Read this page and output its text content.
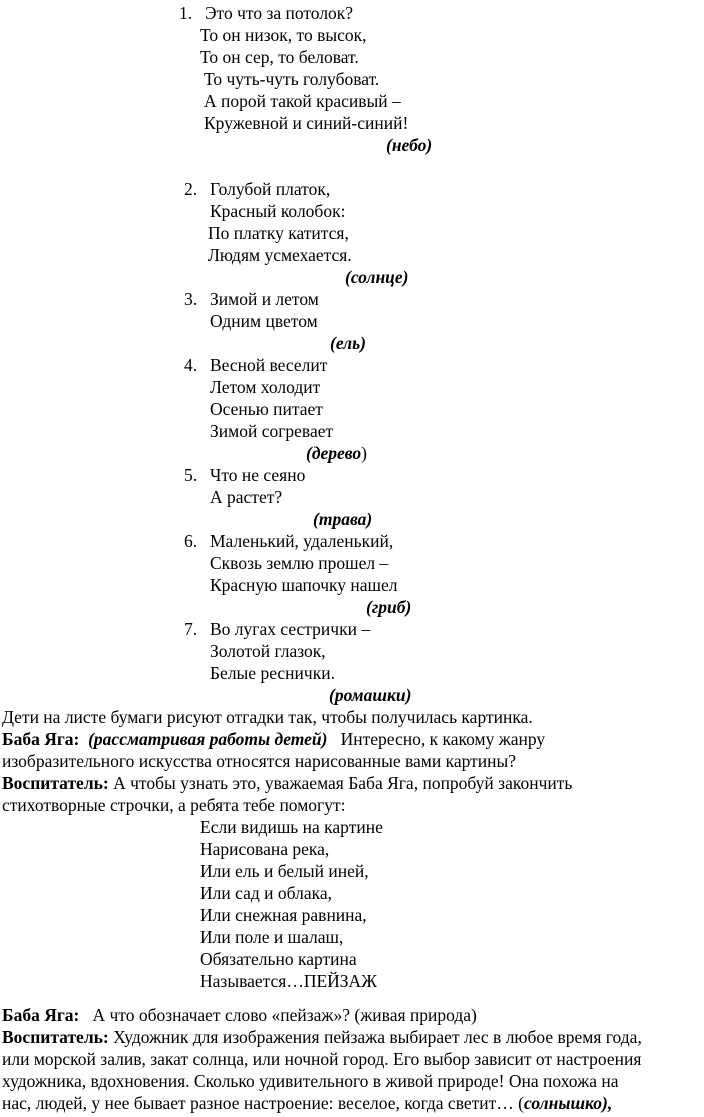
1. Это что за потолок?
То он низок, то высок,
То он сер, то беловат.
То чуть-чуть голубоват.
А порой такой красивый –
Кружевной и синий-синий!
(небо)
2. Голубой платок,
Красный колобок:
По платку катится,
Людям усмехается.
(солнце)
3. Зимой и летом
Одним цветом
(ель)
4. Весной веселит
Летом холодит
Осенью питает
Зимой согревает
(дерево)
5. Что не сеяно
А растет?
(трава)
6. Маленький, удаленький,
Сквозь землю прошел –
Красную шапочку нашел
(гриб)
7. Во лугах сестрички –
Золотой глазок,
Белые реснички.
(ромашки)
Дети на листе бумаги рисуют отгадки так, чтобы получилась картинка.
Баба Яга: (рассматривая работы детей) Интересно, к какому жанру
изобразительного искусства относятся нарисованные вами картины?
Воспитатель: А чтобы узнать это, уважаемая Баба Яга, попробуй закончить
стихотворные строчки, а ребята тебе помогут:
Если видишь на картине
Нарисована река,
Или ель и белый иней,
Или сад и облака,
Или снежная равнина,
Или поле и шалаш,
Обязательно картина
Называется…ПЕЙЗАЖ
Баба Яга: А что обозначает слово «пейзаж»? (живая природа)
Воспитатель: Художник для изображения пейзажа выбирает лес в любое время года,
или морской залив, закат солнца, или ночной город. Его выбор зависит от настроения
художника, вдохновения. Сколько удивительного в живой природе! Она похожа на
нас, людей, у нее бывает разное настроение: веселое, когда светит… (солнышко),
